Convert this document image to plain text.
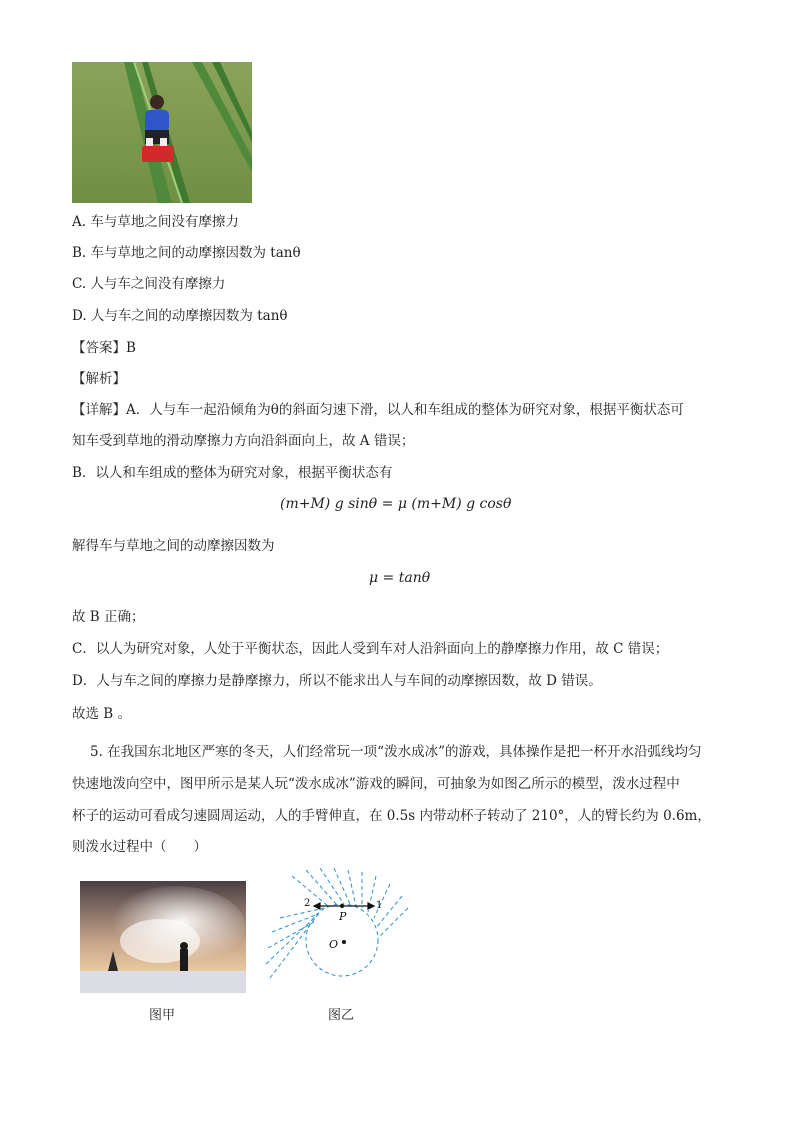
A. 车与草地之间没有摩擦力
B. 车与草地之间的动摩擦因数为 tanθ
C. 人与车之间没有摩擦力
D. 人与车之间的动摩擦因数为 tanθ
【答案】B
【解析】
【详解】A．人与车一起沿倾角为θ的斜面匀速下滑，以人和车组成的整体为研究对象，根据平衡状态可
知车受到草地的滑动摩擦力方向沿斜面向上，故 A 错误；
B．以人和车组成的整体为研究对象，根据平衡状态有
(m+M) g sinθ = μ (m+M) g cosθ
解得车与草地之间的动摩擦因数为
μ = tanθ
故 B 正确；
C．以人为研究对象，人处于平衡状态，因此人受到车对人沿斜面向上的静摩擦力作用，故 C 错误；
D．人与车之间的摩擦力是静摩擦力，所以不能求出人与车间的动摩擦因数，故 D 错误。
故选 B 。
5. 在我国东北地区严寒的冬天，人们经常玩一项“泼水成冰”的游戏，具体操作是把一杯开水沿弧线均匀
快速地泼向空中，图甲所示是某人玩“泼水成冰”游戏的瞬间，可抽象为如图乙所示的模型，泼水过程中
杯子的运动可看成匀速圆周运动，人的手臂伸直，在 0.5s 内带动杯子转动了 210°，人的臂长约为 0.6m，
则泼水过程中（　　）
图甲
P
O
1
2
图乙
